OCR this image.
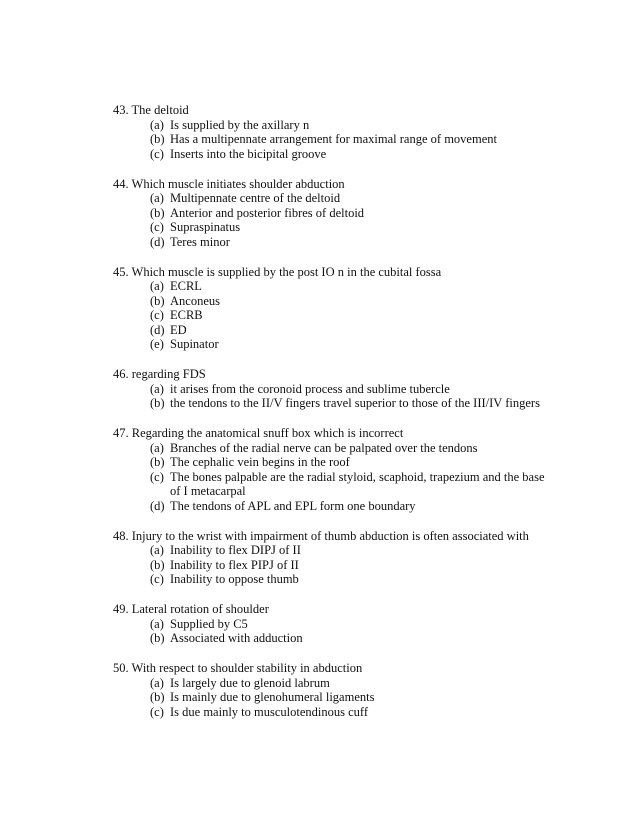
43. The deltoid
(a) Is supplied by the axillary n
(b) Has a multipennate arrangement for maximal range of movement
(c) Inserts into the bicipital groove
44. Which muscle initiates shoulder abduction
(a) Multipennate centre of the deltoid
(b) Anterior and posterior fibres of deltoid
(c) Supraspinatus
(d) Teres minor
45. Which muscle is supplied by the post IO n in the cubital fossa
(a) ECRL
(b) Anconeus
(c) ECRB
(d) ED
(e) Supinator
46. regarding FDS
(a) it arises from the coronoid process and sublime tubercle
(b) the tendons to the II/V fingers travel superior to those of the III/IV fingers
47. Regarding the anatomical snuff box which is incorrect
(a) Branches of the radial nerve can be palpated over the tendons
(b) The cephalic vein begins in the roof
(c) The bones palpable are the radial styloid, scaphoid, trapezium and the base of I metacarpal
(d) The tendons of APL and EPL form one boundary
48. Injury to the wrist with impairment of thumb abduction is often associated with
(a) Inability to flex DIPJ of II
(b) Inability to flex PIPJ of II
(c) Inability to oppose thumb
49. Lateral rotation of shoulder
(a) Supplied by C5
(b) Associated with adduction
50. With respect to shoulder stability in abduction
(a) Is largely due to glenoid labrum
(b) Is mainly due to glenohumeral ligaments
(c) Is due mainly to musculotendinous cuff
